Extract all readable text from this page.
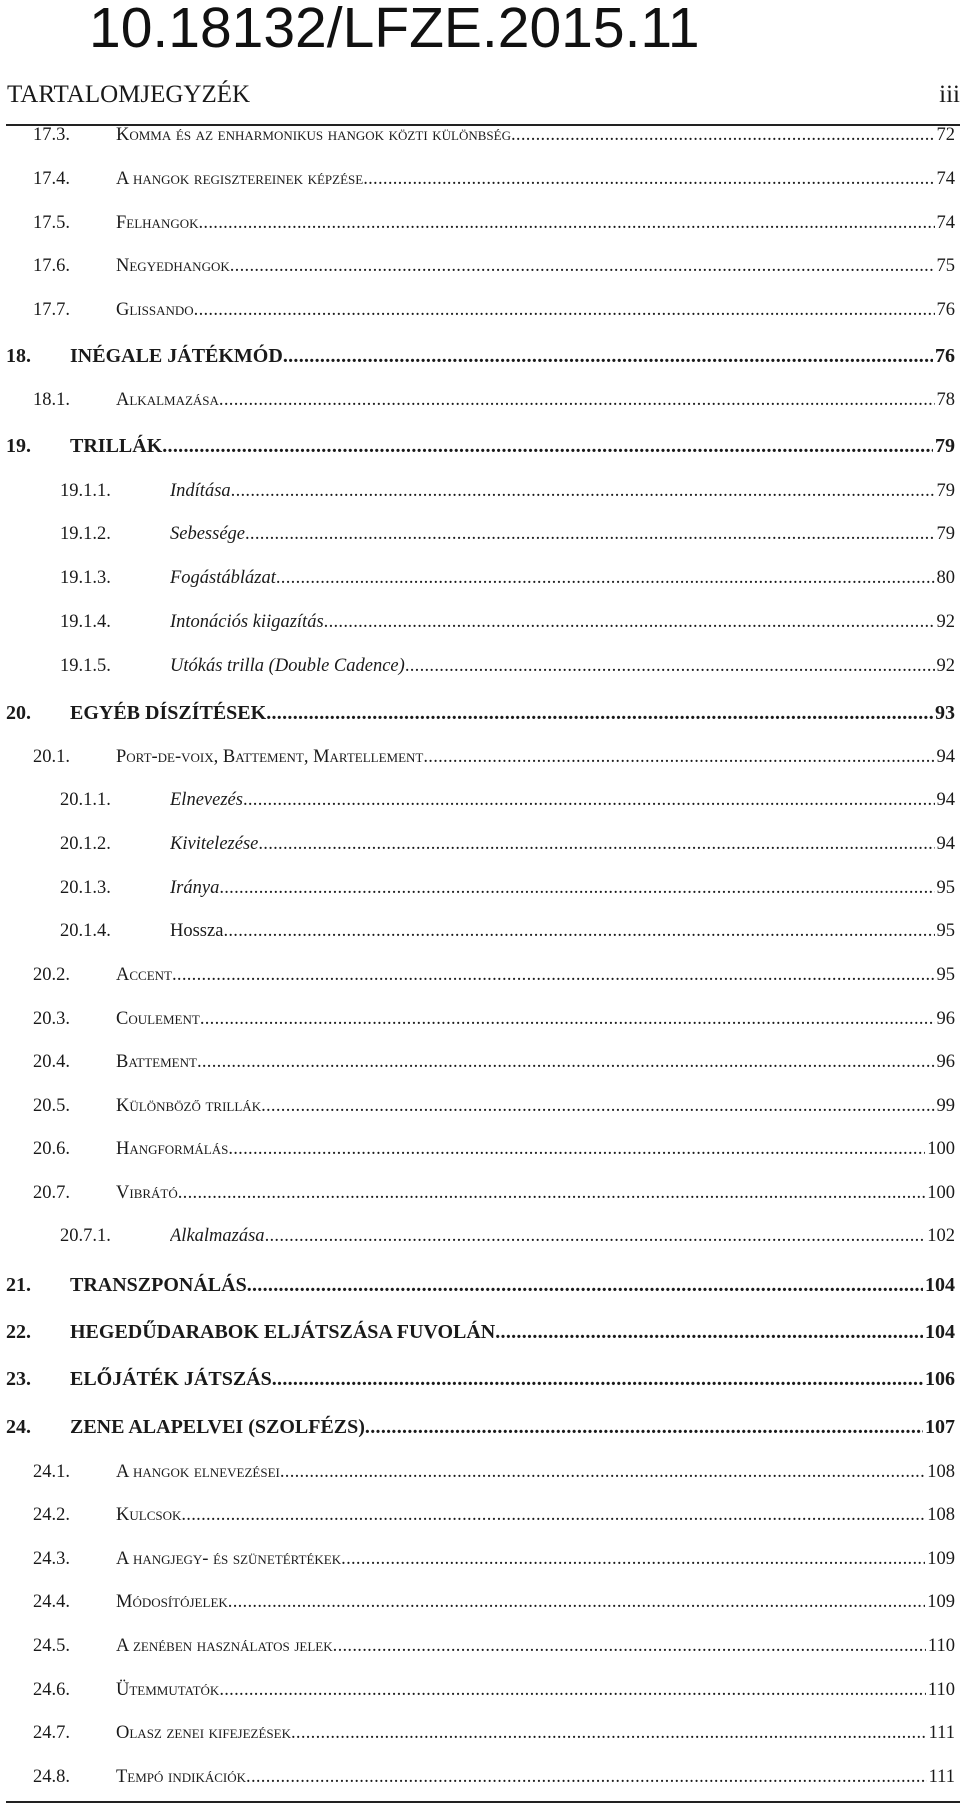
10.18132/LFZE.2015.11
TARTALOMJEGYZÉK	iii
17.3. Komma és az enharmonikus hangok közti különbség .....	72
17.4. A hangok regisztereinek képzése .....	74
17.5. Felhangok .....	74
17.6. Negyedhangok .....	75
17.7. Glissando .....	76
18. INÉGALE JÁTÉKMÓD .....	76
18.1. Alkalmazása .....	78
19. TRILLÁK .....	79
19.1.1.	Indítása .....	79
19.1.2.	Sebessége .....	79
19.1.3.	Fogástáblázat .....	80
19.1.4.	Intonációs kiigazítás .....	92
19.1.5.	Utókás trilla (Double Cadence) .....	92
20. EGYÉB DÍSZÍTÉSEK .....	93
20.1. Port-de-voix, Battement, Martellement .....	94
20.1.1.	Elnevezés .....	94
20.1.2.	Kivitelezése .....	94
20.1.3.	Iránya .....	95
20.1.4.	Hossza .....	95
20.2. Accent .....	95
20.3. Coulement .....	96
20.4. Battement .....	96
20.5. Különböző trillák .....	99
20.6. Hangformálás .....	100
20.7. Vibrátó .....	100
20.7.1.	Alkalmazása .....	102
21. TRANSZPONÁLÁS .....	104
22. HEGEDŰDARABOK ELJÁTSZÁSA FUVOLÁN .....	104
23. ELŐJÁTÉK JÁTSZÁS .....	106
24. ZENE ALAPELVEI (SZOLFÉZS) .....	107
24.1. A hangok elnevezései .....	108
24.2. Kulcsok .....	108
24.3. A hangjegy- és szünetértékek .....	109
24.4. Módosítójelek .....	109
24.5. A zenében használatos jelek .....	110
24.6. Ütemmutatók .....	110
24.7. Olasz zenei kifejezések .....	111
24.8. Tempó indikációk .....	111
